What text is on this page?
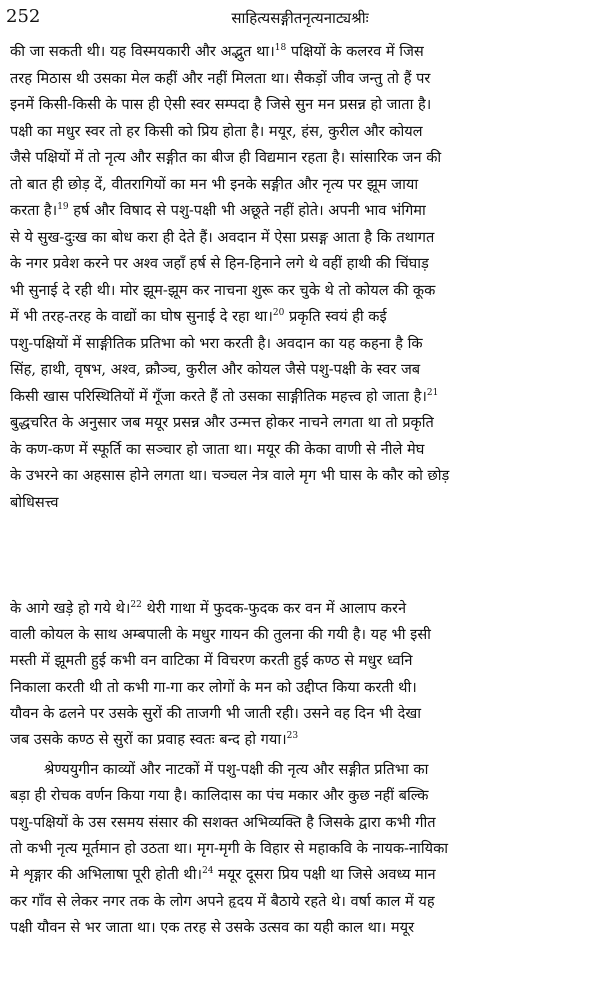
252	साहित्यसङ्गीतनृत्यनाट्यश्रीः
की जा सकती थी। यह विस्मयकारी और अद्भुत था।$^{18}$ पक्षियों के कलरव में जिस
तरह मिठास थी उसका मेल कहीं और नहीं मिलता था। सैकड़ों जीव जन्तु तो हैं पर
इनमें किसी-किसी के पास ही ऐसी स्वर सम्पदा है जिसे सुन मन प्रसन्न हो जाता है।
पक्षी का मधुर स्वर तो हर किसी को प्रिय होता है। मयूर, हंस, कुरील और कोयल
जैसे पक्षियों में तो नृत्य और सङ्गीत का बीज ही विद्यमान रहता है। सांसारिक जन की
तो बात ही छोड़ दें, वीतरागियों का मन भी इनके सङ्गीत और नृत्य पर झूम जाया
करता है।$^{19}$ हर्ष और विषाद से पशु-पक्षी भी अछूते नहीं होते। अपनी भाव भंगिमा
से ये सुख-दुःख का बोध करा ही देते हैं। अवदान में ऐसा प्रसङ्ग आता है कि तथागत
के नगर प्रवेश करने पर अश्व जहाँ हर्ष से हिन-हिनाने लगे थे वहीं हाथी की चिंघाड़
भी सुनाई दे रही थी। मोर झूम-झूम कर नाचना शुरू कर चुके थे तो कोयल की कूक
में भी तरह-तरह के वाद्यों का घोष सुनाई दे रहा था।$^{20}$ प्रकृति स्वयं ही कई
पशु-पक्षियों में साङ्गीतिक प्रतिभा को भरा करती है। अवदान का यह कहना है कि
सिंह, हाथी, वृषभ, अश्व, क्रौञ्च, कुरील और कोयल जैसे पशु-पक्षी के स्वर जब
किसी खास परिस्थितियों में गूँजा करते हैं तो उसका साङ्गीतिक महत्त्व हो जाता है।$^{21}$
बुद्धचरित के अनुसार जब मयूर प्रसन्न और उन्मत्त होकर नाचने लगता था तो प्रकृति
के कण-कण में स्फूर्ति का सञ्चार हो जाता था। मयूर की केका वाणी से नीले मेघ
के उभरने का अहसास होने लगता था। चञ्चल नेत्र वाले मृग भी घास के कौर को छोड़
बोधिसत्त्व
के आगे खड़े हो गये थे।$^{22}$ थेरी गाथा में फुदक-फुदक कर वन में आलाप करने
वाली कोयल के साथ अम्बपाली के मधुर गायन की तुलना की गयी है। यह भी इसी
मस्ती में झूमती हुई कभी वन वाटिका में विचरण करती हुई कण्ठ से मधुर ध्वनि
निकाला करती थी तो कभी गा-गा कर लोगों के मन को उद्दीप्त किया करती थी।
यौवन के ढलने पर उसके सुरों की ताजगी भी जाती रही। उसने वह दिन भी देखा
जब उसके कण्ठ से सुरों का प्रवाह स्वतः बन्द हो गया।$^{23}$
श्रेण्ययुगीन काव्यों और नाटकों में पशु-पक्षी की नृत्य और सङ्गीत प्रतिभा का
बड़ा ही रोचक वर्णन किया गया है। कालिदास का पंच मकार और कुछ नहीं बल्कि
पशु-पक्षियों के उस रसमय संसार की सशक्त अभिव्यक्ति है जिसके द्वारा कभी गीत
तो कभी नृत्य मूर्तमान हो उठता था। मृग-मृगी के विहार से महाकवि के नायक-नायिका
मे शृङ्गार की अभिलाषा पूरी होती थी।$^{24}$ मयूर दूसरा प्रिय पक्षी था जिसे अवध्य मान
कर गाँव से लेकर नगर तक के लोग अपने हृदय में बैठाये रहते थे। वर्षा काल में यह
पक्षी यौवन से भर जाता था। एक तरह से उसके उत्सव का यही काल था। मयूर
